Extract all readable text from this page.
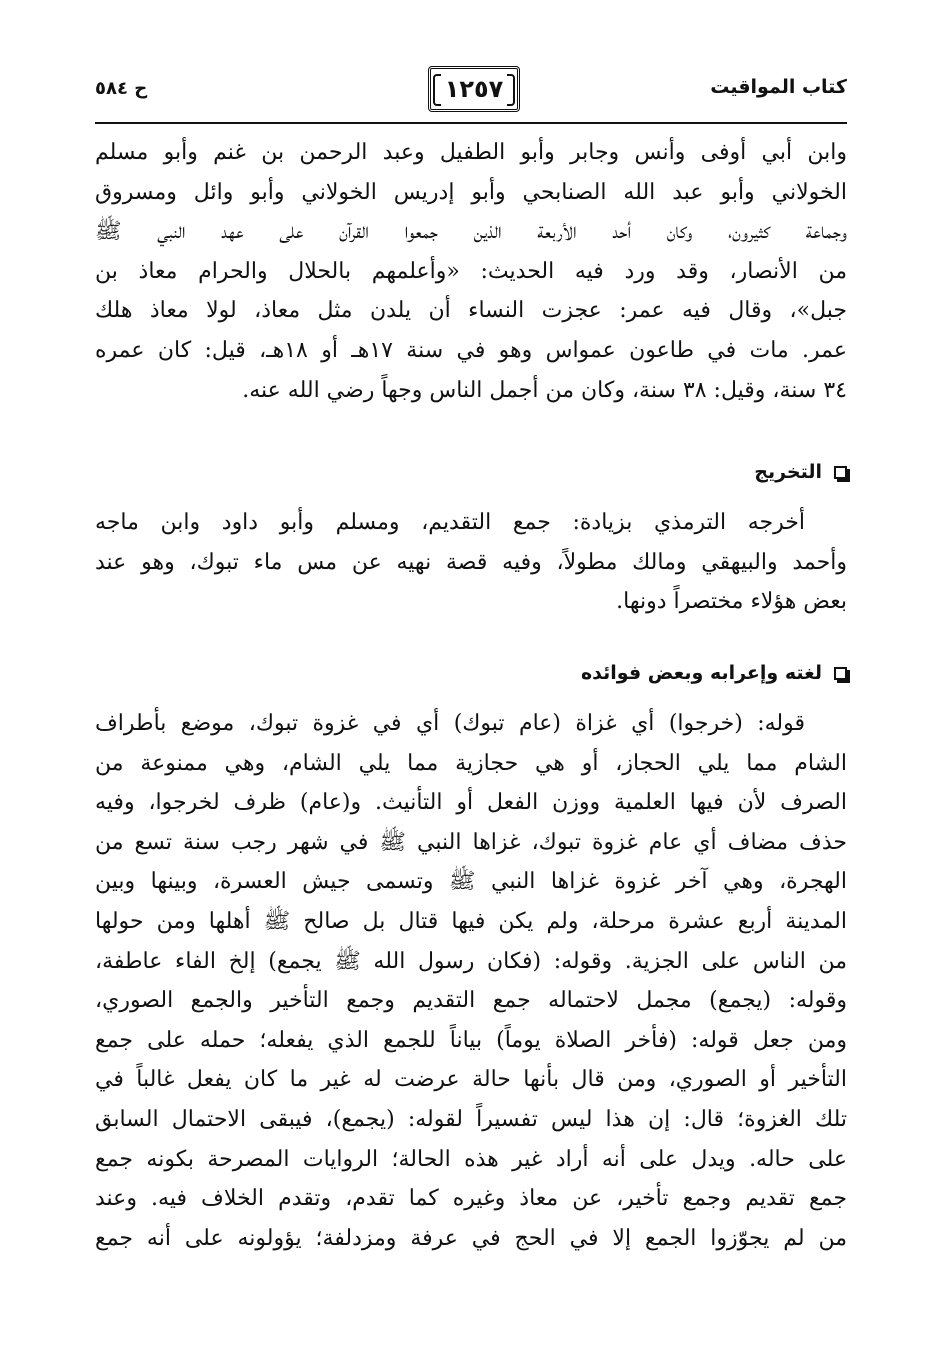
كتاب المواقيت
١٢٥٧
ح ٥٨٤
وابن أبي أوفى وأنس وجابر وأبو الطفيل وعبد الرحمن بن غنم وأبو مسلم
الخولاني وأبو عبد الله الصنابحي وأبو إدريس الخولاني وأبو وائل ومسروق
وجماعة كثيرون، وكان أحد الأربعة الذين جمعوا القرآن على عهد النبي ﷺ
من الأنصار، وقد ورد فيه الحديث: «وأعلمهم بالحلال والحرام معاذ بن
جبل»، وقال فيه عمر: عجزت النساء أن يلدن مثل معاذ، لولا معاذ هلك
عمر. مات في طاعون عمواس وهو في سنة ١٧هـ أو ١٨هـ، قيل: كان عمره
٣٤ سنة، وقيل: ٣٨ سنة، وكان من أجمل الناس وجهاً رضي الله عنه.
التخريج
أخرجه الترمذي بزيادة: جمع التقديم، ومسلم وأبو داود وابن ماجه
وأحمد والبيهقي ومالك مطولاً، وفيه قصة نهيه عن مس ماء تبوك، وهو عند
بعض هؤلاء مختصراً دونها.
لغته وإعرابه وبعض فوائده
قوله: (خرجوا) أي غزاة (عام تبوك) أي في غزوة تبوك، موضع بأطراف
الشام مما يلي الحجاز، أو هي حجازية مما يلي الشام، وهي ممنوعة من
الصرف لأن فيها العلمية ووزن الفعل أو التأنيث. و(عام) ظرف لخرجوا، وفيه
حذف مضاف أي عام غزوة تبوك، غزاها النبي ﷺ في شهر رجب سنة تسع من
الهجرة، وهي آخر غزوة غزاها النبي ﷺ وتسمى جيش العسرة، وبينها وبين
المدينة أربع عشرة مرحلة، ولم يكن فيها قتال بل صالح ﷺ أهلها ومن حولها
من الناس على الجزية. وقوله: (فكان رسول الله ﷺ يجمع) إلخ الفاء عاطفة،
وقوله: (يجمع) مجمل لاحتماله جمع التقديم وجمع التأخير والجمع الصوري،
ومن جعل قوله: (فأخر الصلاة يوماً) بياناً للجمع الذي يفعله؛ حمله على جمع
التأخير أو الصوري، ومن قال بأنها حالة عرضت له غير ما كان يفعل غالباً في
تلك الغزوة؛ قال: إن هذا ليس تفسيراً لقوله: (يجمع)، فيبقى الاحتمال السابق
على حاله. ويدل على أنه أراد غير هذه الحالة؛ الروايات المصرحة بكونه جمع
جمع تقديم وجمع تأخير، عن معاذ وغيره كما تقدم، وتقدم الخلاف فيه. وعند
من لم يجوّزوا الجمع إلا في الحج في عرفة ومزدلفة؛ يؤولونه على أنه جمع
